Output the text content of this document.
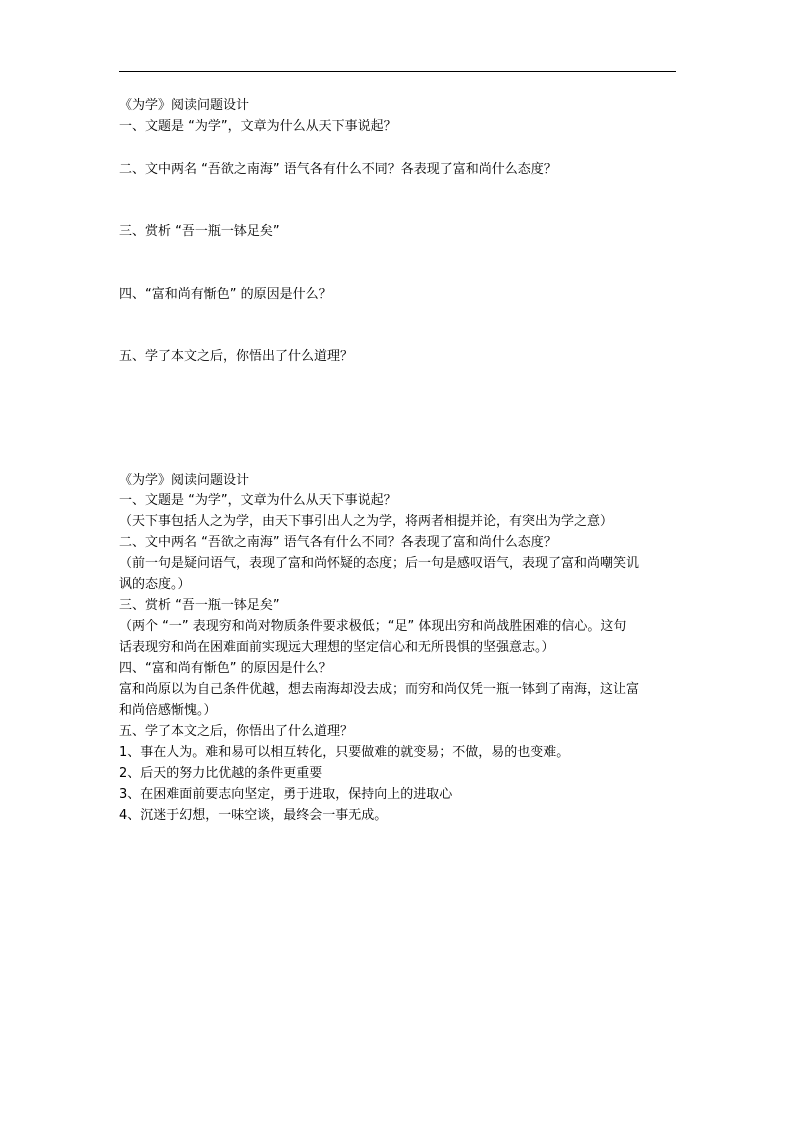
《为学》阅读问题设计
一、文题是 “为学”，文章为什么从天下事说起？
二、文中两名 “吾欲之南海” 语气各有什么不同？各表现了富和尚什么态度？
三、赏析 “吾一瓶一钵足矣”
四、“富和尚有惭色” 的原因是什么？
五、学了本文之后，你悟出了什么道理？
《为学》阅读问题设计
一、文题是 “为学”，文章为什么从天下事说起？
（天下事包括人之为学，由天下事引出人之为学，将两者相提并论，有突出为学之意）
二、文中两名 “吾欲之南海” 语气各有什么不同？各表现了富和尚什么态度？
（前一句是疑问语气，表现了富和尚怀疑的态度；后一句是感叹语气，表现了富和尚嘲笑讥
讽的态度。）
三、赏析 “吾一瓶一钵足矣”
（两个 “一” 表现穷和尚对物质条件要求极低；“足” 体现出穷和尚战胜困难的信心。这句
话表现穷和尚在困难面前实现远大理想的坚定信心和无所畏惧的坚强意志。）
四、“富和尚有惭色” 的原因是什么？
富和尚原以为自己条件优越，想去南海却没去成；而穷和尚仅凭一瓶一钵到了南海，这让富
和尚倍感惭愧。）
五、学了本文之后，你悟出了什么道理？
1、事在人为。难和易可以相互转化，只要做难的就变易；不做，易的也变难。
2、后天的努力比优越的条件更重要
3、在困难面前要志向坚定，勇于进取，保持向上的进取心
4、沉迷于幻想，一味空谈，最终会一事无成。
